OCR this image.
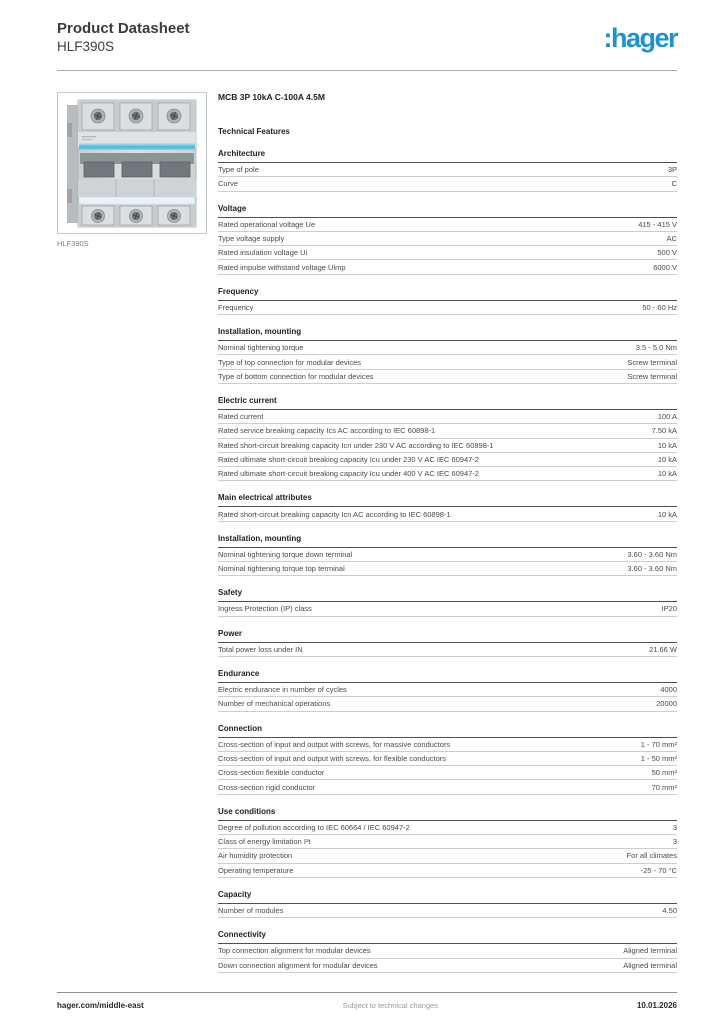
Product Datasheet
HLF390S	:hager
HLF390S
MCB 3P 10kA C-100A 4.5M
Technical Features
Architecture
Type of pole	3P
Curve	C
Voltage
Rated operational voltage Ue	415 - 415 V
Type voltage supply	AC
Rated insulation voltage Ui	500 V
Rated impulse withstand voltage Uimp	6000 V
Frequency
Frequency	50 - 60 Hz
Installation, mounting
Nominal tightening torque	3.5 - 5.0 Nm
Type of top connection for modular devices	Screw terminal
Type of bottom connection for modular devices	Screw terminal
Electric current
Rated current	100 A
Rated service breaking capacity Ics AC according to IEC 60898-1	7.50 kA
Rated short-circuit breaking capacity Icn under 230 V AC according to IEC 60898-1	10 kA
Rated ultimate short-circuit breaking capacity Icu under 230 V AC IEC 60947-2	10 kA
Rated ultimate short-circuit breaking capacity Icu under 400 V AC IEC 60947-2	10 kA
Main electrical attributes
Rated short-circuit breaking capacity Icn AC according to IEC 60898-1	10 kA
Installation, mounting
Nominal tightening torque down terminal	3.60 - 3.60 Nm
Nominal tightening torque top terminal	3.60 - 3.60 Nm
Safety
Ingress Protection (IP) class	IP20
Power
Total power loss under IN	21.66 W
Endurance
Electric endurance in number of cycles	4000
Number of mechanical operations	20000
Connection
Cross-section of input and output with screws, for massive conductors	1 - 70 mm²
Cross-section of input and output with screws, for flexible conductors	1 - 50 mm²
Cross-section flexible conductor	50 mm²
Cross-section rigid conductor	70 mm²
Use conditions
Degree of pollution according to IEC 60664 / IEC 60947-2	3
Class of energy limitation I²t	3
Air humidity protection	For all climates
Operating temperature	-25 - 70 °C
Capacity
Number of modules	4.50
Connectivity
Top connection alignment for modular devices	Aligned terminal
Down connection alignment for modular devices	Aligned terminal
hager.com/middle-east	Subject to technical changes	10.01.2026
